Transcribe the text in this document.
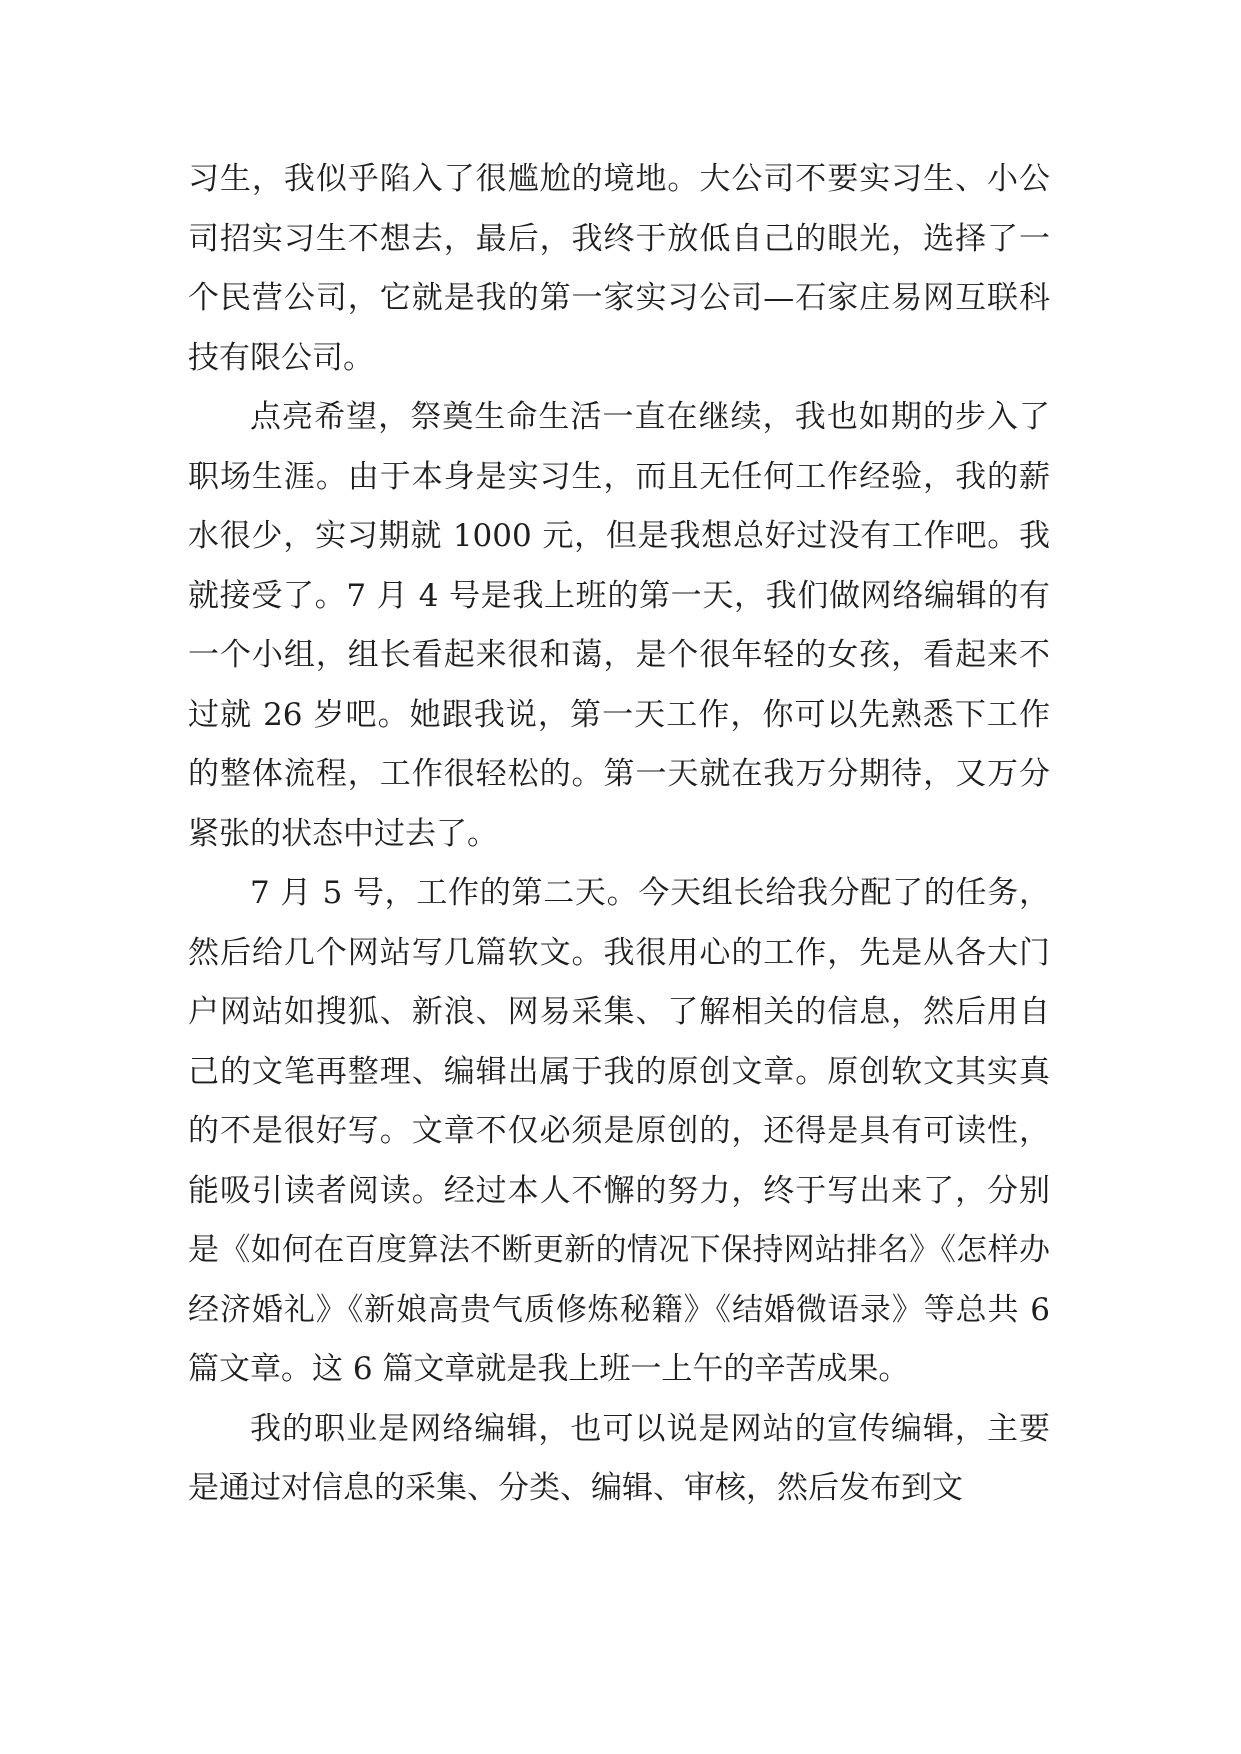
习生，我似乎陷入了很尴尬的境地。大公司不要实习生、小公司招实习生不想去，最后，我终于放低自己的眼光，选择了一个民营公司，它就是我的第一家实习公司—石家庄易网互联科技有限公司。

点亮希望，祭奠生命生活一直在继续，我也如期的步入了职场生涯。由于本身是实习生，而且无任何工作经验，我的薪水很少，实习期就 1000 元，但是我想总好过没有工作吧。我就接受了。7 月 4 号是我上班的第一天，我们做网络编辑的有一个小组，组长看起来很和蔼，是个很年轻的女孩，看起来不过就 26 岁吧。她跟我说，第一天工作，你可以先熟悉下工作的整体流程，工作很轻松的。第一天就在我万分期待，又万分紧张的状态中过去了。

7 月 5 号，工作的第二天。今天组长给我分配了的任务，然后给几个网站写几篇软文。我很用心的工作，先是从各大门户网站如搜狐、新浪、网易采集、了解相关的信息，然后用自己的文笔再整理、编辑出属于我的原创文章。原创软文其实真的不是很好写。文章不仅必须是原创的，还得是具有可读性，能吸引读者阅读。经过本人不懈的努力，终于写出来了，分别是《如何在百度算法不断更新的情况下保持网站排名》《怎样办经济婚礼》《新娘高贵气质修炼秘籍》《结婚微语录》等总共 6 篇文章。这 6 篇文章就是我上班一上午的辛苦成果。

我的职业是网络编辑，也可以说是网站的宣传编辑，主要是通过对信息的采集、分类、编辑、审核，然后发布到文
